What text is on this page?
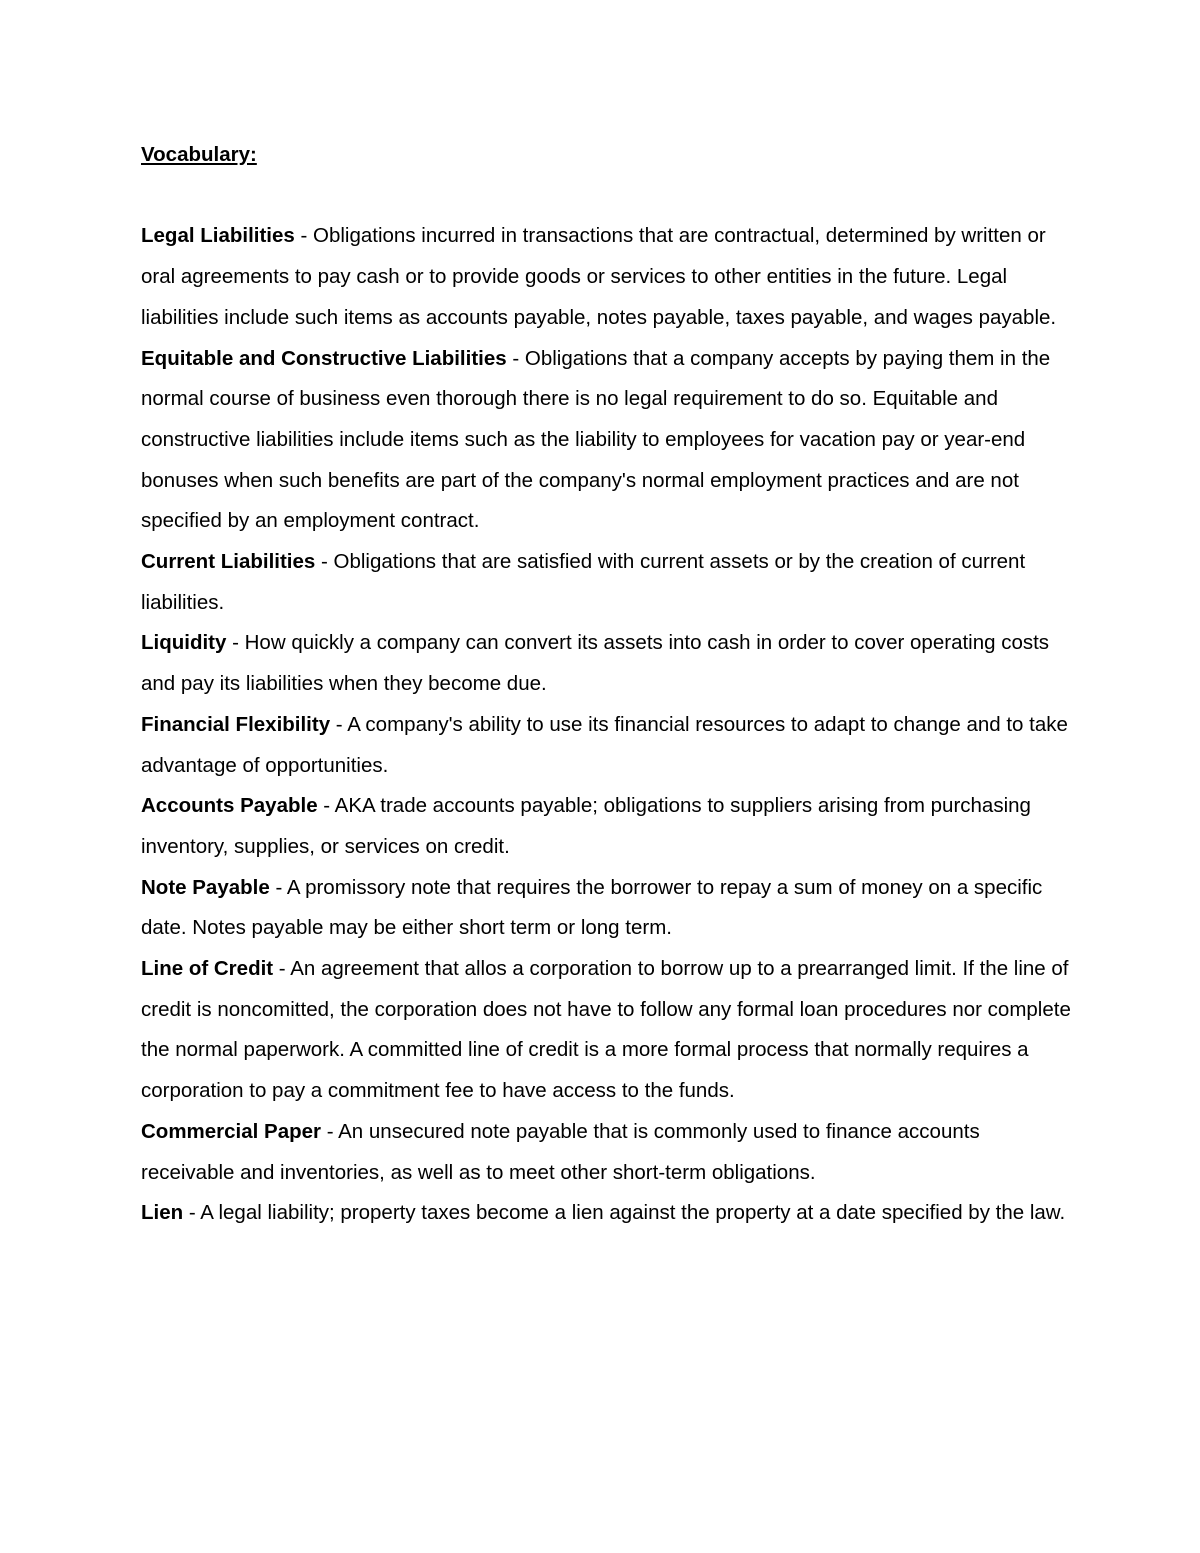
Vocabulary:

Legal Liabilities - Obligations incurred in transactions that are contractual, determined by written or oral agreements to pay cash or to provide goods or services to other entities in the future. Legal liabilities include such items as accounts payable, notes payable, taxes payable, and wages payable.

Equitable and Constructive Liabilities - Obligations that a company accepts by paying them in the normal course of business even thorough there is no legal requirement to do so. Equitable and constructive liabilities include items such as the liability to employees for vacation pay or year-end bonuses when such benefits are part of the company's normal employment practices and are not specified by an employment contract.

Current Liabilities - Obligations that are satisfied with current assets or by the creation of current liabilities.

Liquidity - How quickly a company can convert its assets into cash in order to cover operating costs and pay its liabilities when they become due.

Financial Flexibility - A company's ability to use its financial resources to adapt to change and to take advantage of opportunities.

Accounts Payable - AKA trade accounts payable; obligations to suppliers arising from purchasing inventory, supplies, or services on credit.

Note Payable - A promissory note that requires the borrower to repay a sum of money on a specific date. Notes payable may be either short term or long term.

Line of Credit - An agreement that allos a corporation to borrow up to a prearranged limit. If the line of credit is noncomitted, the corporation does not have to follow any formal loan procedures nor complete the normal paperwork. A committed line of credit is a more formal process that normally requires a corporation to pay a commitment fee to have access to the funds.

Commercial Paper - An unsecured note payable that is commonly used to finance accounts receivable and inventories, as well as to meet other short-term obligations.

Lien - A legal liability; property taxes become a lien against the property at a date specified by the law.
